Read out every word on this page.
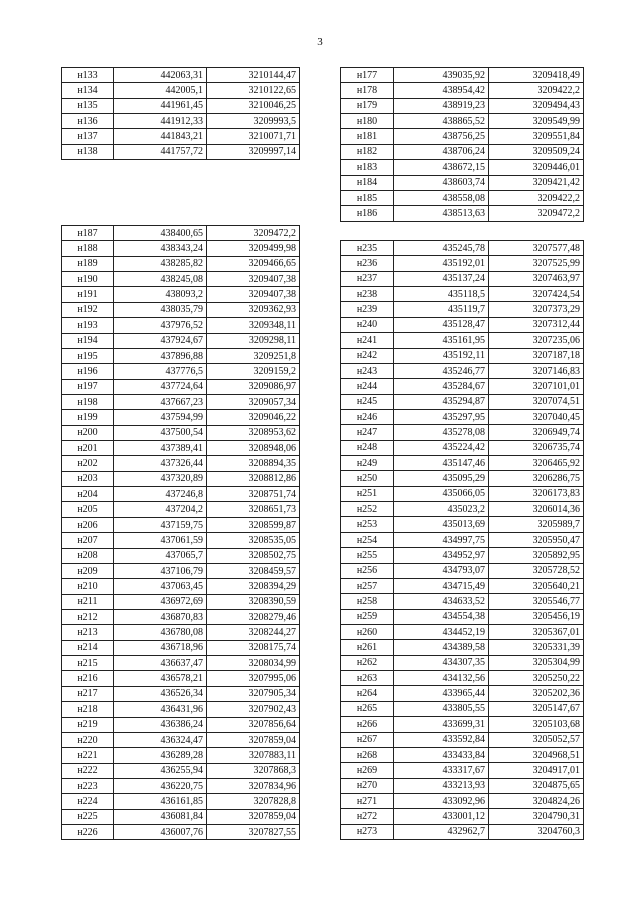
3
н133	442063,31	3210144,47
н134	442005,1	3210122,65
н135	441961,45	3210046,25
н136	441912,33	3209993,5
н137	441843,21	3210071,71
н138	441757,72	3209997,14
н177	439035,92	3209418,49
н178	438954,42	3209422,2
н179	438919,23	3209494,43
н180	438865,52	3209549,99
н181	438756,25	3209551,84
н182	438706,24	3209509,24
н183	438672,15	3209446,01
н184	438603,74	3209421,42
н185	438558,08	3209422,2
н186	438513,63	3209472,2
н187	438400,65	3209472,2
н188	438343,24	3209499,98
н189	438285,82	3209466,65
н190	438245,08	3209407,38
н191	438093,2	3209407,38
н192	438035,79	3209362,93
н193	437976,52	3209348,11
н194	437924,67	3209298,11
н195	437896,88	3209251,8
н196	437776,5	3209159,2
н197	437724,64	3209086,97
н198	437667,23	3209057,34
н199	437594,99	3209046,22
н200	437500,54	3208953,62
н201	437389,41	3208948,06
н202	437326,44	3208894,35
н203	437320,89	3208812,86
н204	437246,8	3208751,74
н205	437204,2	3208651,73
н206	437159,75	3208599,87
н207	437061,59	3208535,05
н208	437065,7	3208502,75
н209	437106,79	3208459,57
н210	437063,45	3208394,29
н211	436972,69	3208390,59
н212	436870,83	3208279,46
н213	436780,08	3208244,27
н214	436718,96	3208175,74
н215	436637,47	3208034,99
н216	436578,21	3207995,06
н217	436526,34	3207905,34
н218	436431,96	3207902,43
н219	436386,24	3207856,64
н220	436324,47	3207859,04
н221	436289,28	3207883,11
н222	436255,94	3207868,3
н223	436220,75	3207834,96
н224	436161,85	3207828,8
н225	436081,84	3207859,04
н226	436007,76	3207827,55
н235	435245,78	3207577,48
н236	435192,01	3207525,99
н237	435137,24	3207463,97
н238	435118,5	3207424,54
н239	435119,7	3207373,29
н240	435128,47	3207312,44
н241	435161,95	3207235,06
н242	435192,11	3207187,18
н243	435246,77	3207146,83
н244	435284,67	3207101,01
н245	435294,87	3207074,51
н246	435297,95	3207040,45
н247	435278,08	3206949,74
н248	435224,42	3206735,74
н249	435147,46	3206465,92
н250	435095,29	3206286,75
н251	435066,05	3206173,83
н252	435023,2	3206014,36
н253	435013,69	3205989,7
н254	434997,75	3205950,47
н255	434952,97	3205892,95
н256	434793,07	3205728,52
н257	434715,49	3205640,21
н258	434633,52	3205546,77
н259	434554,38	3205456,19
н260	434452,19	3205367,01
н261	434389,58	3205331,39
н262	434307,35	3205304,99
н263	434132,56	3205250,22
н264	433965,44	3205202,36
н265	433805,55	3205147,67
н266	433699,31	3205103,68
н267	433592,84	3205052,57
н268	433433,84	3204968,51
н269	433317,67	3204917,01
н270	433213,93	3204875,65
н271	433092,96	3204824,26
н272	433001,12	3204790,31
н273	432962,7	3204760,3
